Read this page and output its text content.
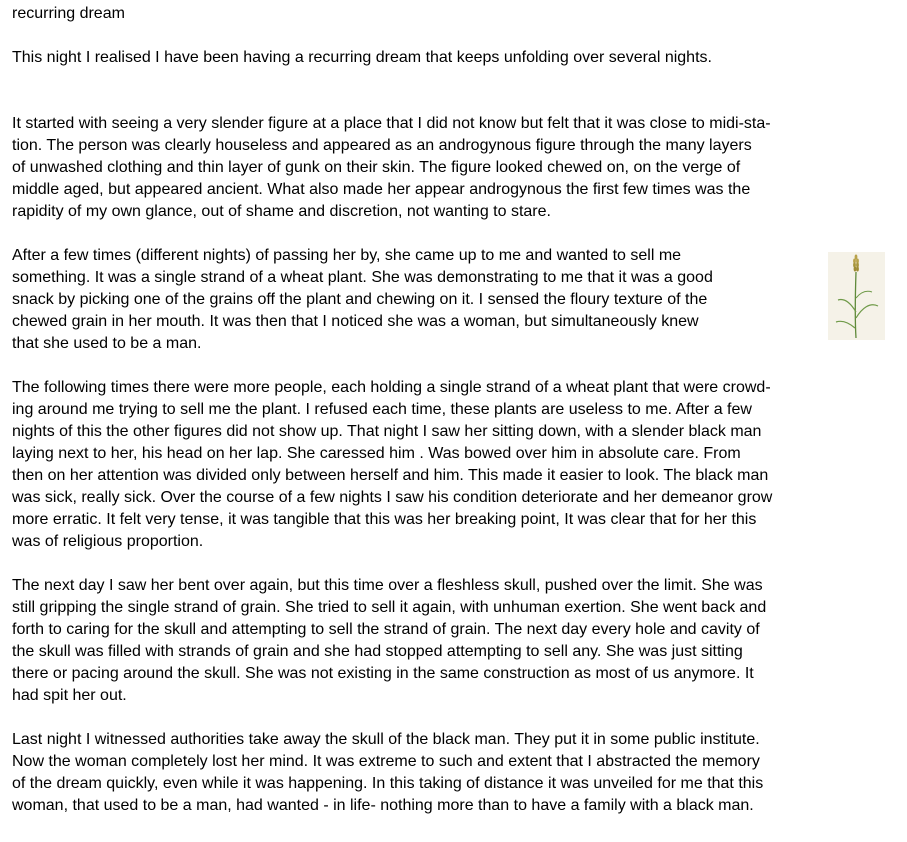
recurring dream
This night I realised I have been having a recurring dream that keeps unfolding over several nights.
It started with seeing a very slender figure at a place that I did not know but felt that it was close to midi-sta-
tion. The person was clearly houseless and appeared as an androgynous figure through the many layers
of unwashed clothing and thin layer of gunk on their skin. The figure looked chewed on, on the verge of
middle aged, but appeared ancient. What also made her appear androgynous the first few times was the
rapidity of my own glance, out of shame and discretion, not wanting to stare.
After a few times (different nights) of passing her by, she came up to me and wanted to sell me
something. It was a single strand of a wheat plant. She was demonstrating to me that it was a good
snack by picking one of the grains off the plant and chewing on it. I sensed the floury texture of the
chewed grain in her mouth. It was then that I noticed she was a woman, but simultaneously knew
that she used to be a man.
The following times there were more people, each holding a single strand of a wheat plant that were crowd-
ing around me trying to sell me the plant. I refused each time, these plants are useless to me. After a few
nights of this the other figures did not show up. That night I saw her sitting down, with a slender black man
laying next to her, his head on her lap. She caressed him . Was bowed over him in absolute care. From
then on her attention was divided only between herself and him. This made it easier to look. The black man
was sick, really sick. Over the course of a few nights I saw his condition deteriorate and her demeanor grow
more erratic. It felt very tense, it was tangible that this was her breaking point, It was clear that for her this
was of religious proportion.
The next day I saw her bent over again, but this time over a fleshless skull, pushed over the limit. She was
still gripping the single strand of grain. She tried to sell it again, with unhuman exertion. She went back and
forth to caring for the skull and attempting to sell the strand of grain. The next day every hole and cavity of
the skull was filled with strands of grain and she had stopped attempting to sell any. She was just sitting
there or pacing around the skull. She was not existing in the same construction as most of us anymore. It
had spit her out.
Last night I witnessed authorities take away the skull of the black man. They put it in some public institute.
Now the woman completely lost her mind. It was extreme to such and extent that I abstracted the memory
of the dream quickly, even while it was happening. In this taking of distance it was unveiled for me that this
woman, that used to be a man, had wanted - in life- nothing more than to have a family with a black man.
